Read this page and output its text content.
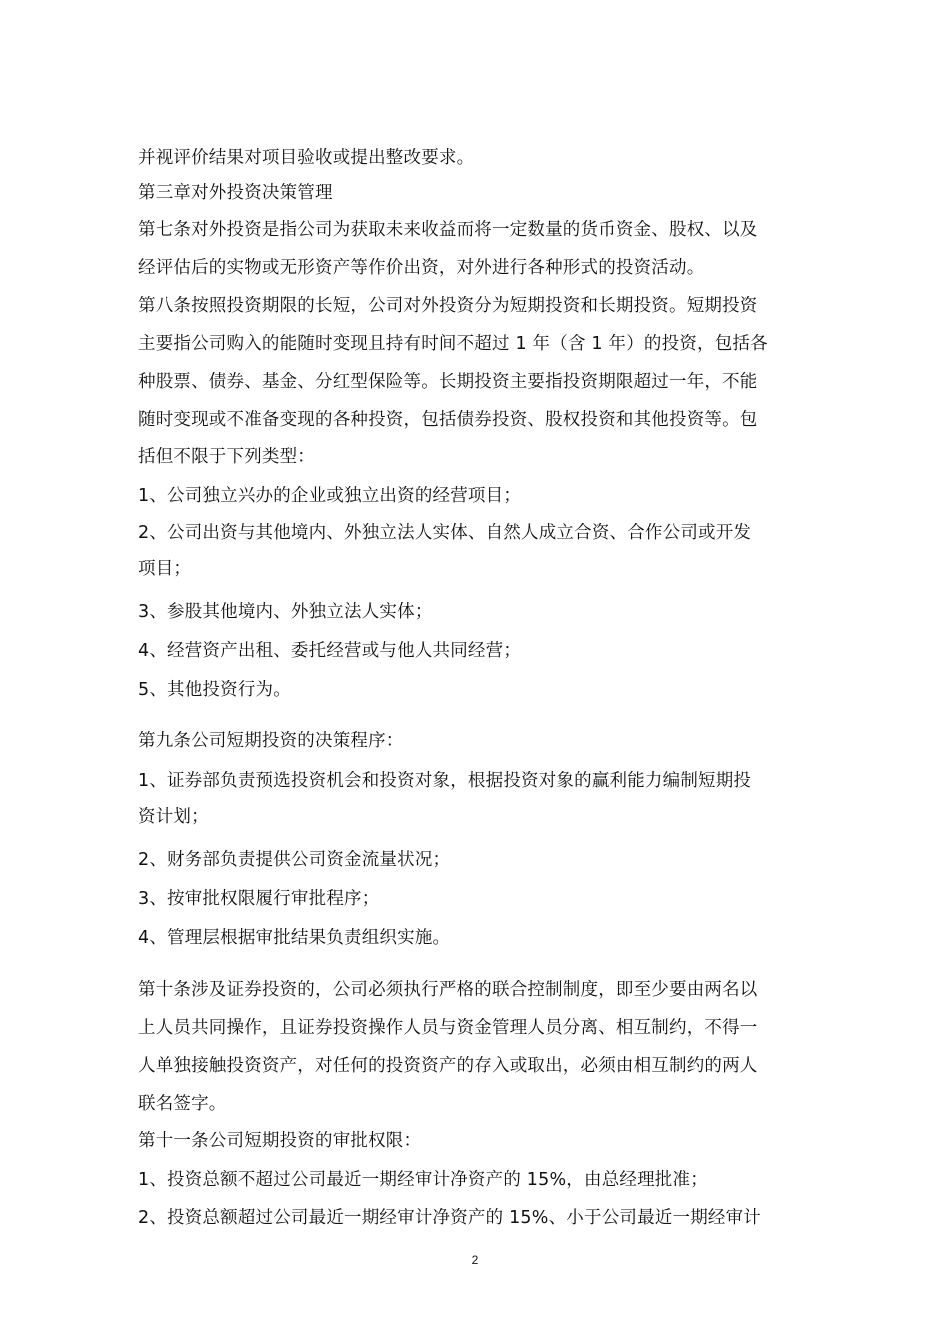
并视评价结果对项目验收或提出整改要求。
第三章对外投资决策管理
第七条对外投资是指公司为获取未来收益而将一定数量的货币资金、股权、以及
经评估后的实物或无形资产等作价出资，对外进行各种形式的投资活动。
第八条按照投资期限的长短，公司对外投资分为短期投资和长期投资。短期投资
主要指公司购入的能随时变现且持有时间不超过 1 年（含 1 年）的投资，包括各
种股票、债券、基金、分红型保险等。长期投资主要指投资期限超过一年，不能
随时变现或不准备变现的各种投资，包括债券投资、股权投资和其他投资等。包
括但不限于下列类型：
1、公司独立兴办的企业或独立出资的经营项目；
2、公司出资与其他境内、外独立法人实体、自然人成立合资、合作公司或开发
项目；
3、参股其他境内、外独立法人实体；
4、经营资产出租、委托经营或与他人共同经营；
5、其他投资行为。
第九条公司短期投资的决策程序：
1、证券部负责预选投资机会和投资对象，根据投资对象的赢利能力编制短期投
资计划；
2、财务部负责提供公司资金流量状况；
3、按审批权限履行审批程序；
4、管理层根据审批结果负责组织实施。
第十条涉及证券投资的，公司必须执行严格的联合控制制度，即至少要由两名以
上人员共同操作，且证券投资操作人员与资金管理人员分离、相互制约，不得一
人单独接触投资资产，对任何的投资资产的存入或取出，必须由相互制约的两人
联名签字。
第十一条公司短期投资的审批权限：
1、投资总额不超过公司最近一期经审计净资产的 15%，由总经理批准；
2、投资总额超过公司最近一期经审计净资产的 15%、小于公司最近一期经审计
2
